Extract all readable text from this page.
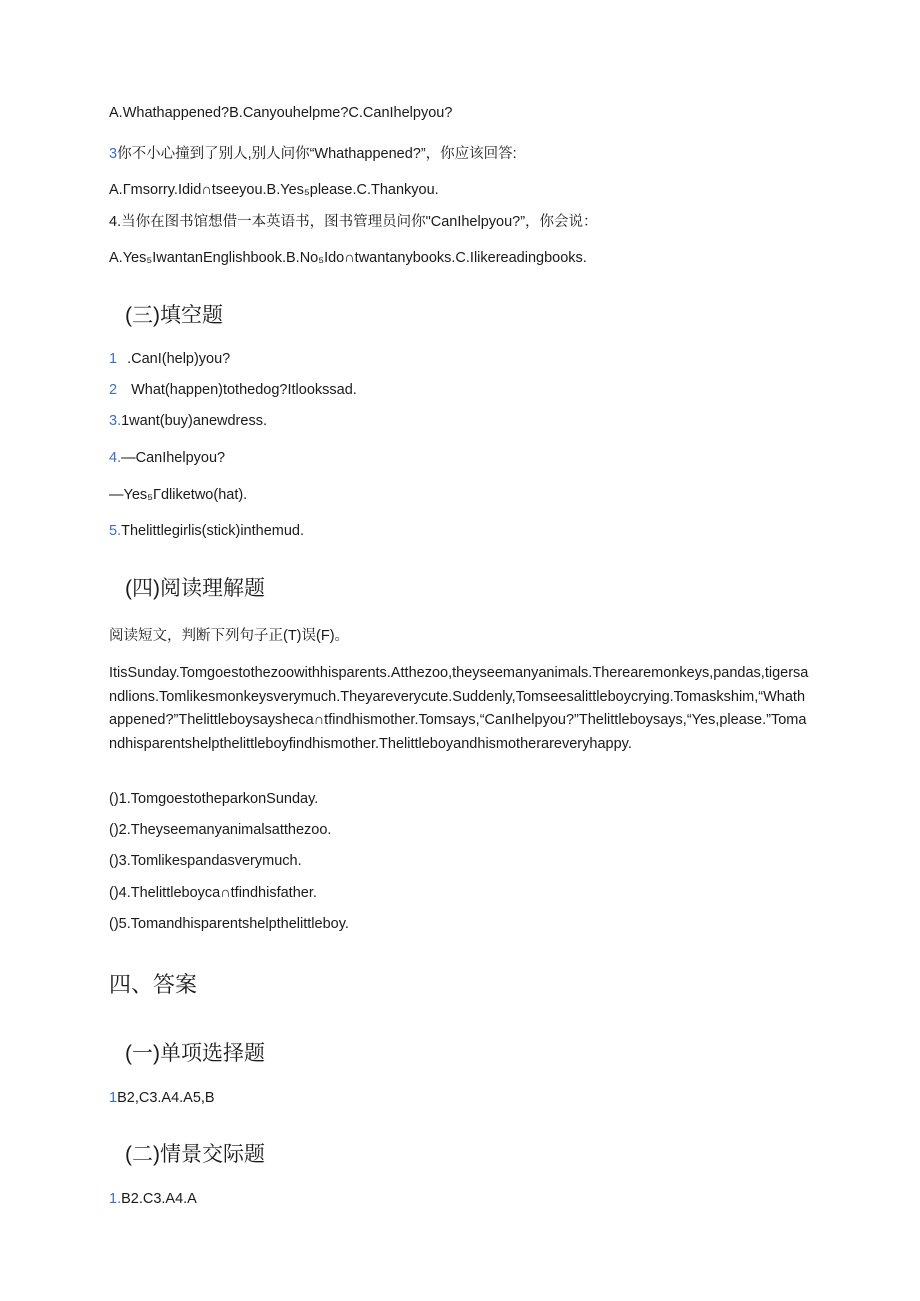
A.Whathappened?B.Canyouhelpme?C.CanIhelpyou?
3你不小心撞到了别人,别人问你“Whathappened?”，你应该回答:
A.Γmsorry.Idid∩tseeyou.B.Yes₅please.C.Thankyou.
4.当你在图书馆想借一本英语书，图书管理员问你"CanIhelpyou?”，你会说：
A.Yes₅IwantanEnglishbook.B.No₅Ido∩twantanybooks.C.Ilikereadingbooks.
(三)填空题
1 .CanI(help)you?
2 What(happen)tothedog?Itlookssad.
3.1want(buy)anewdress.
4.—CanIhelpyou?
—Yes₅Γdliketwo(hat).
5.Thelittlegirlis(stick)inthemud.
(四)阅读理解题
阅读短文，判断下列句子正(T)误(F)。
ItisSunday.Tomgoestothezoowithhisparents.Atthezoo,theyseemanyanimals.Therearemonkeys,pandas,tigersandlions.Tomlikesmonkeysverymuch.Theyareverycute.Suddenly,Tomseesalittleboycrying.Tomaskshim,“Whathappened?”Thelittleboysaysheca∩tfindhismother.Tomsays,“CanIhelpyou?”Thelittleboysays,“Yes,please.”Tomandhisparentshelpthelittleboyfindhismother.Thelittleboyandhismotherareveryhappy.
()1.TomgoestotheparkonSunday.
()2.Theyseemanyanimalsatthezoo.
()3.Tomlikespandasverymuch.
()4.Thelittleboyca∩tfindhisfather.
()5.Tomandhisparentshelpthelittleboy.
四、答案
(一)单项选择题
1B2,C3.A4.A5,B
(二)情景交际题
1.B2.C3.A4.A
